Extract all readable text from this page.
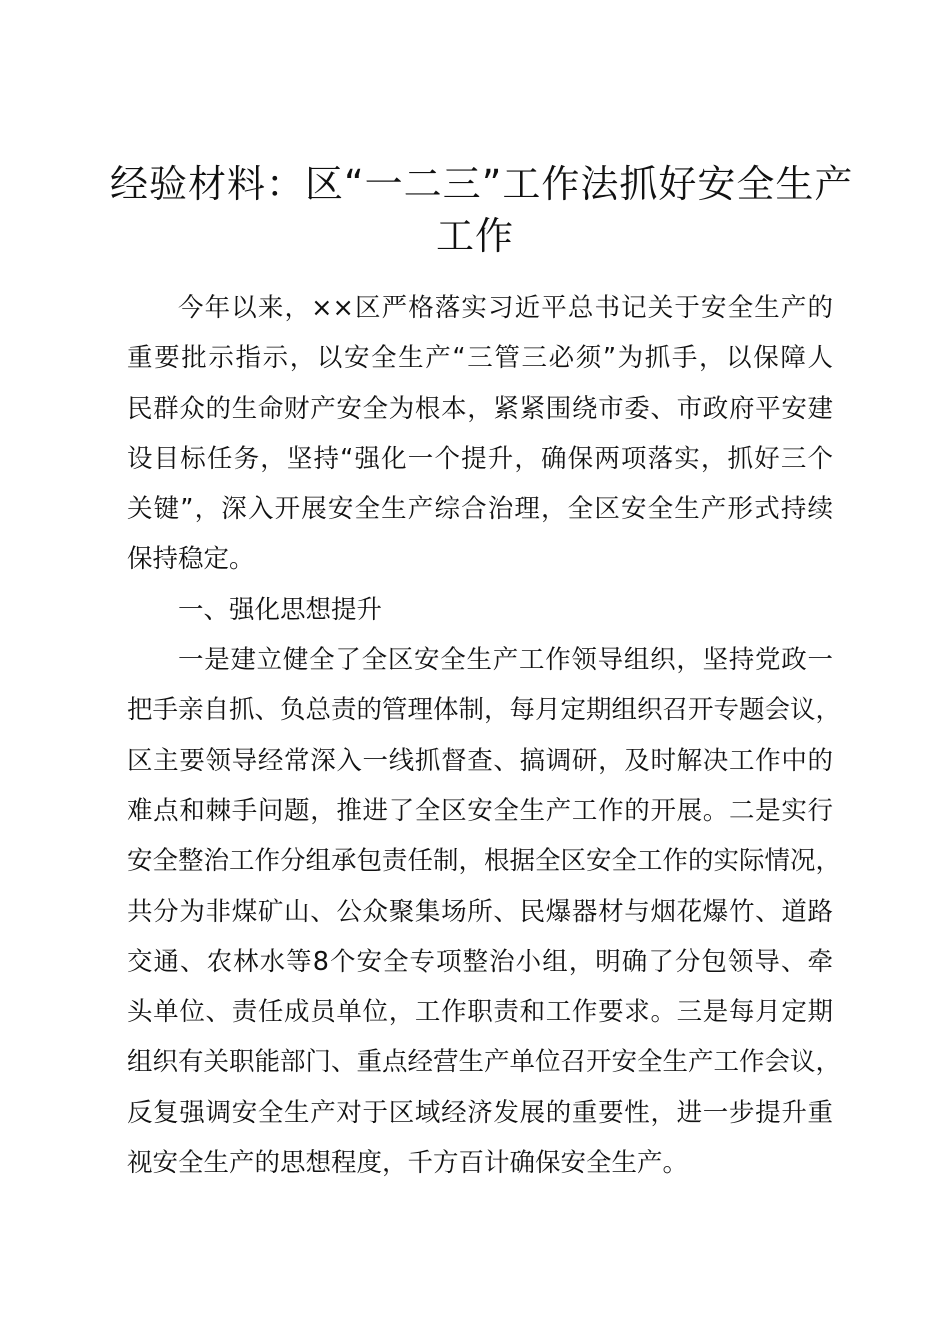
经验材料：区“一二三”工作法抓好安全生产
工作
今年以来，××区严格落实习近平总书记关于安全生产的
重要批示指示，以安全生产“三管三必须”为抓手，以保障人
民群众的生命财产安全为根本，紧紧围绕市委、市政府平安建
设目标任务，坚持“强化一个提升，确保两项落实，抓好三个
关键”，深入开展安全生产综合治理，全区安全生产形式持续
保持稳定。
一、强化思想提升
一是建立健全了全区安全生产工作领导组织，坚持党政一
把手亲自抓、负总责的管理体制，每月定期组织召开专题会议，
区主要领导经常深入一线抓督查、搞调研，及时解决工作中的
难点和棘手问题，推进了全区安全生产工作的开展。二是实行
安全整治工作分组承包责任制，根据全区安全工作的实际情况，
共分为非煤矿山、公众聚集场所、民爆器材与烟花爆竹、道路
交通、农林水等8个安全专项整治小组，明确了分包领导、牵
头单位、责任成员单位，工作职责和工作要求。三是每月定期
组织有关职能部门、重点经营生产单位召开安全生产工作会议，
反复强调安全生产对于区域经济发展的重要性，进一步提升重
视安全生产的思想程度，千方百计确保安全生产。
